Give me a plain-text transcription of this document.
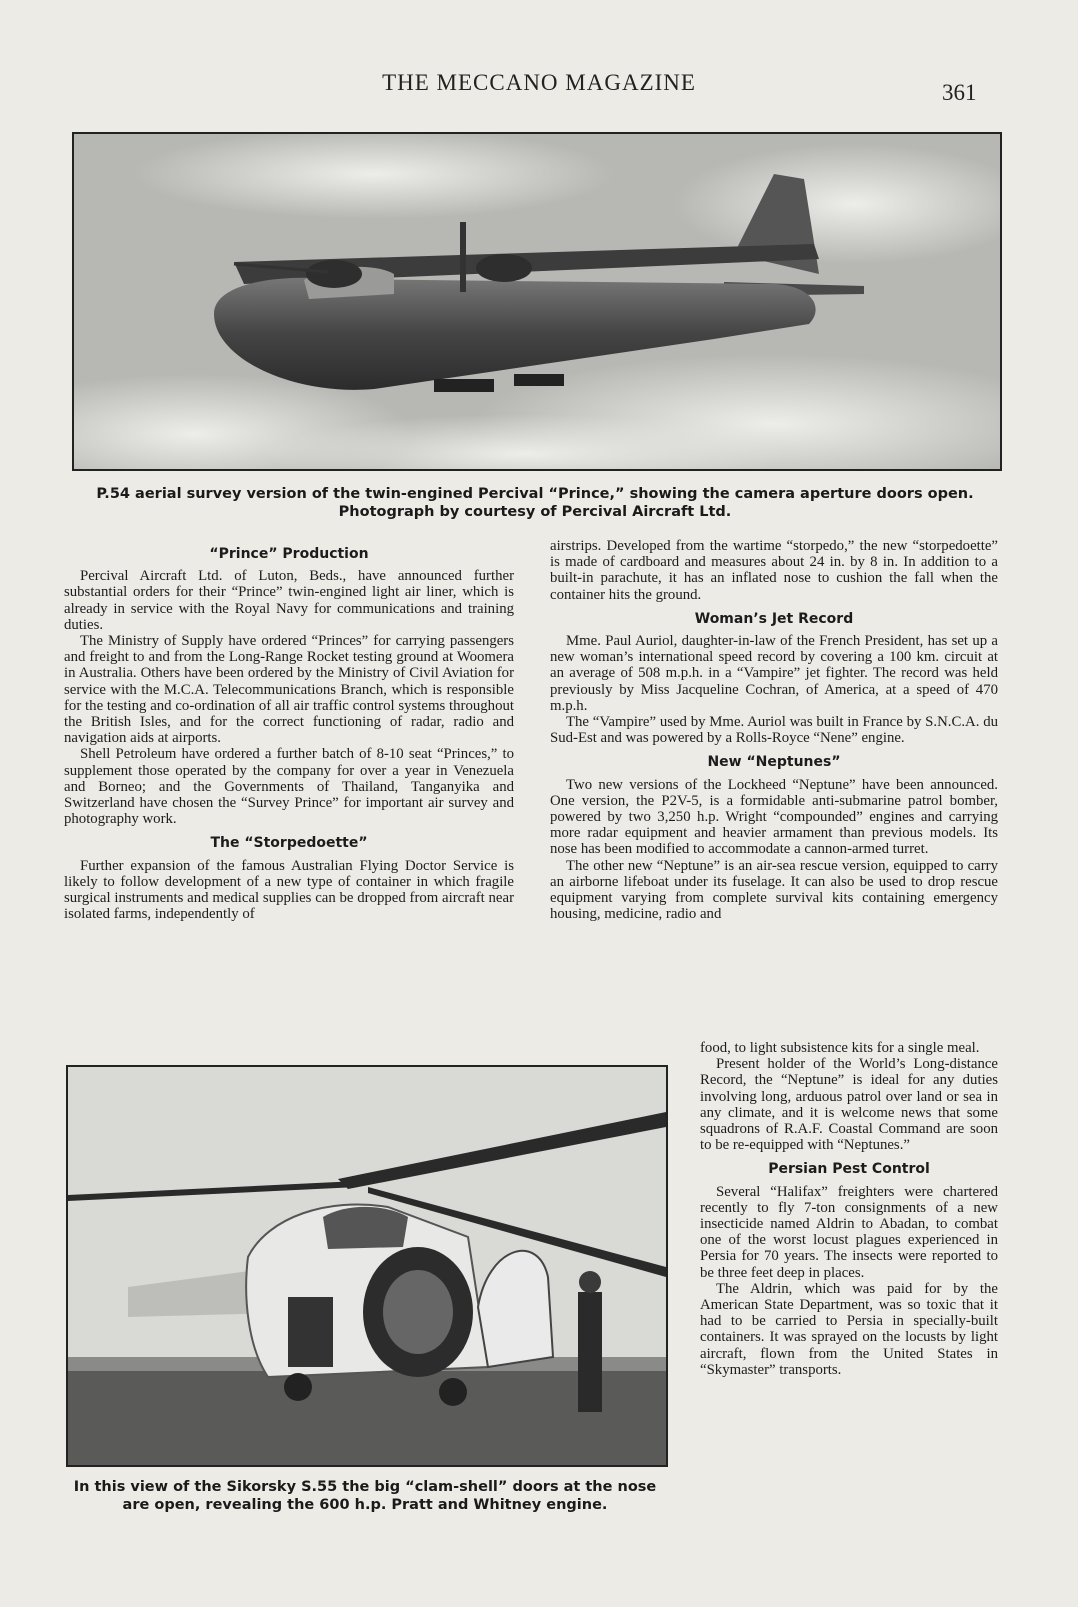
THE MECCANO MAGAZINE	361
P.54 aerial survey version of the twin-engined Percival “Prince,” showing the camera aperture doors open.
Photograph by courtesy of Percival Aircraft Ltd.
“Prince” Production

Percival Aircraft Ltd. of Luton, Beds., have announced further substantial orders for their “Prince” twin-engined light air liner, which is already in service with the Royal Navy for communications and training duties.

The Ministry of Supply have ordered “Princes” for carrying passengers and freight to and from the Long-Range Rocket testing ground at Woomera in Australia. Others have been ordered by the Ministry of Civil Aviation for service with the M.C.A. Telecommunications Branch, which is responsible for the testing and co-ordination of all air traffic control systems throughout the British Isles, and for the correct functioning of radar, radio and navigation aids at airports.

Shell Petroleum have ordered a further batch of 8-10 seat “Princes,” to supplement those operated by the company for over a year in Venezuela and Borneo; and the Governments of Thailand, Tanganyika and Switzerland have chosen the “Survey Prince” for important air survey and photography work.

The “Storpedoette”

Further expansion of the famous Australian Flying Doctor Service is likely to follow development of a new type of container in which fragile surgical instruments and medical supplies can be dropped from aircraft near isolated farms, independently of

airstrips. Developed from the wartime “storpedo,” the new “storpedoette” is made of cardboard and measures about 24 in. by 8 in. In addition to a built-in parachute, it has an inflated nose to cushion the fall when the container hits the ground.

Woman’s Jet Record

Mme. Paul Auriol, daughter-in-law of the French President, has set up a new woman’s international speed record by covering a 100 km. circuit at an average of 508 m.p.h. in a “Vampire” jet fighter. The record was held previously by Miss Jacqueline Cochran, of America, at a speed of 470 m.p.h.

The “Vampire” used by Mme. Auriol was built in France by S.N.C.A. du Sud-Est and was powered by a Rolls-Royce “Nene” engine.

New “Neptunes”

Two new versions of the Lockheed “Neptune” have been announced. One version, the P2V-5, is a formidable anti-submarine patrol bomber, powered by two 3,250 h.p. Wright “compounded” engines and carrying more radar equipment and heavier armament than previous models. Its nose has been modified to accommodate a cannon-armed turret.

The other new “Neptune” is an air-sea rescue version, equipped to carry an airborne lifeboat under its fuselage. It can also be used to drop rescue equipment varying from complete survival kits containing emergency housing, medicine, radio and

food, to light subsistence kits for a single meal.

Present holder of the World’s Long-distance Record, the “Neptune” is ideal for any duties involving long, arduous patrol over land or sea in any climate, and it is welcome news that some squadrons of R.A.F. Coastal Command are soon to be re-equipped with “Neptunes.”

Persian Pest Control

Several “Halifax” freighters were chartered recently to fly 7-ton consignments of a new insecticide named Aldrin to Abadan, to combat one of the worst locust plagues experienced in Persia for 70 years. The insects were reported to be three feet deep in places.

The Aldrin, which was paid for by the American State Department, was so toxic that it had to be carried to Persia in specially-built containers. It was sprayed on the locusts by light aircraft, flown from the United States in “Skymaster” transports.

In this view of the Sikorsky S.55 the big “clam-shell” doors at the nose
are open, revealing the 600 h.p. Pratt and Whitney engine.
